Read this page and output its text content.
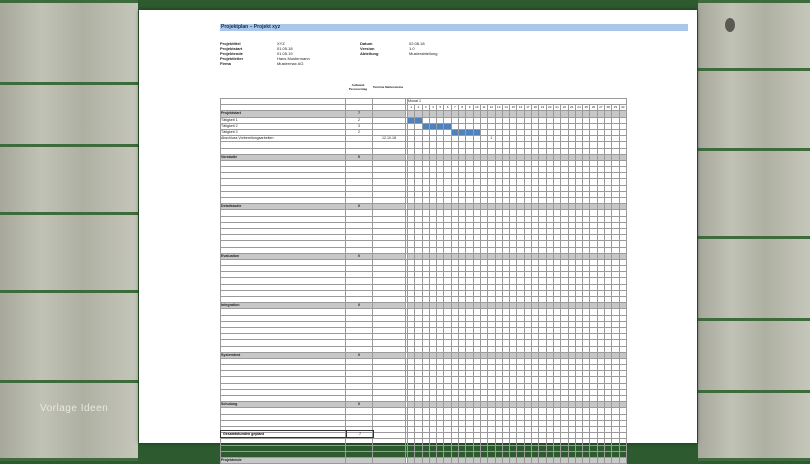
Vorlage Ideen
Projektplan – Projekt xyz
Projekttitel	XYZ
Projektstart	01.05.18
Projektende	01.05.19
Projektleiter	Hans Mustermann
Firma	Mustermax AG
Datum	02.08.18
Version	1.0
Abteilung	Musterabteilung
Aufwand Personentag	Termine Meilensteine
				Monat 1																													
				1	2	3	4	5	6	7	8	9	10	11	12	13	14	15	16	17	18	19	20	21	22	23	24	25	26	27	28	29	30
Projektstart	7																																
Tätigkeit 1	2																																
Tätigkeit 2	3																																
Tätigkeit 3	2																																
Abschluss Vorbereitungsarbeiten		12.10.18													1																		

Vorstudie	0																																

Detailstudie	0																																

Evaluation	0																																

Integration	0																																

Systemtest	0																																

Schulung	0																																

Projektende																																	
Gesamtstunden geplant	7
